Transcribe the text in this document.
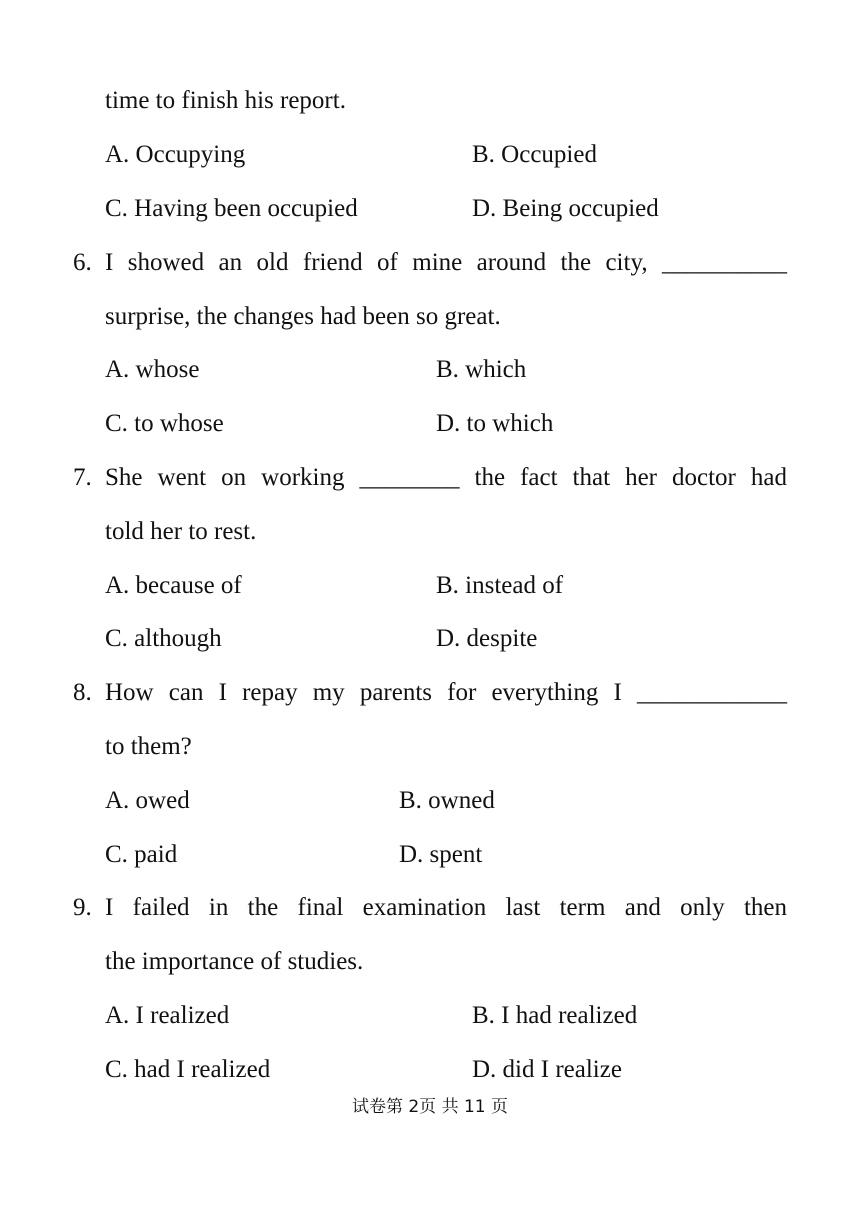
time to finish his report.
A. Occupying	B. Occupied
C. Having been occupied	D. Being occupied
6. I showed an old friend of mine around the city, __________
surprise, the changes had been so great.
A. whose	B. which
C. to whose	D. to which
7. She went on working ________ the fact that her doctor had
told her to rest.
A. because of	B. instead of
C. although	D. despite
8. How can I repay my parents for everything I ____________
to them?
A. owed	B. owned
C. paid	D. spent
9. I failed in the final examination last term and only then
the importance of studies.
A. I realized	B. I had realized
C. had I realized	D. did I realize
试卷第 2页 共 11 页
